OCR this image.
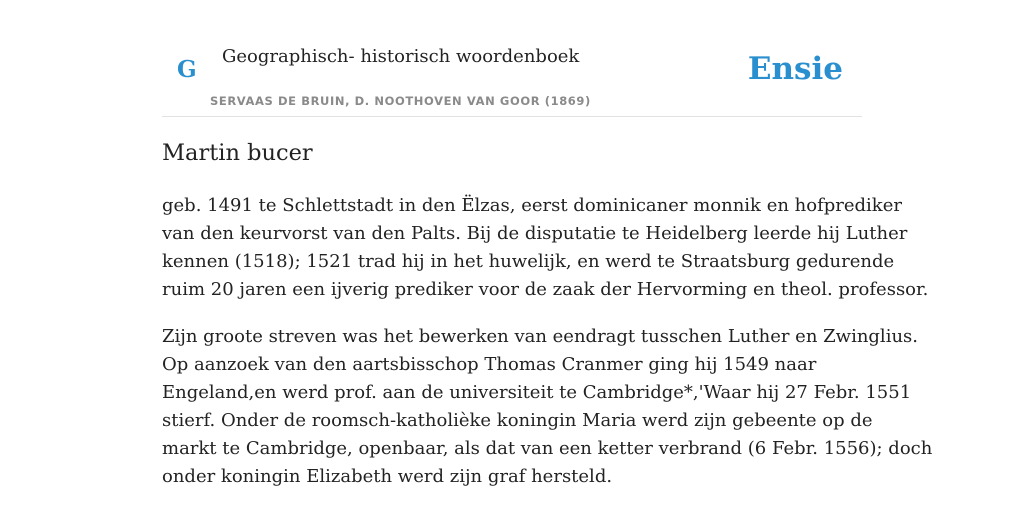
G Geographisch- historisch woordenboek
SERVAAS DE BRUIN, D. NOOTHOVEN VAN GOOR (1869)
Ensie
Martin bucer

geb. 1491 te Schlettstadt in den Ëlzas, eerst dominicaner monnik en hofprediker
van den keurvorst van den Palts. Bij de disputatie te Heidelberg leerde hij Luther
kennen (1518); 1521 trad hij in het huwelijk, en werd te Straatsburg gedurende
ruim 20 jaren een ijverig prediker voor de zaak der Hervorming en theol. professor.

Zijn groote streven was het bewerken van eendragt tusschen Luther en Zwinglius.
Op aanzoek van den aartsbisschop Thomas Cranmer ging hij 1549 naar
Engeland,en werd prof. aan de universiteit te Cambridge*,'Waar hij 27 Febr. 1551
stierf. Onder de roomsch-katholièke koningin Maria werd zijn gebeente op de
markt te Cambridge, openbaar, als dat van een ketter verbrand (6 Febr. 1556); doch
onder koningin Elizabeth werd zijn graf hersteld.
